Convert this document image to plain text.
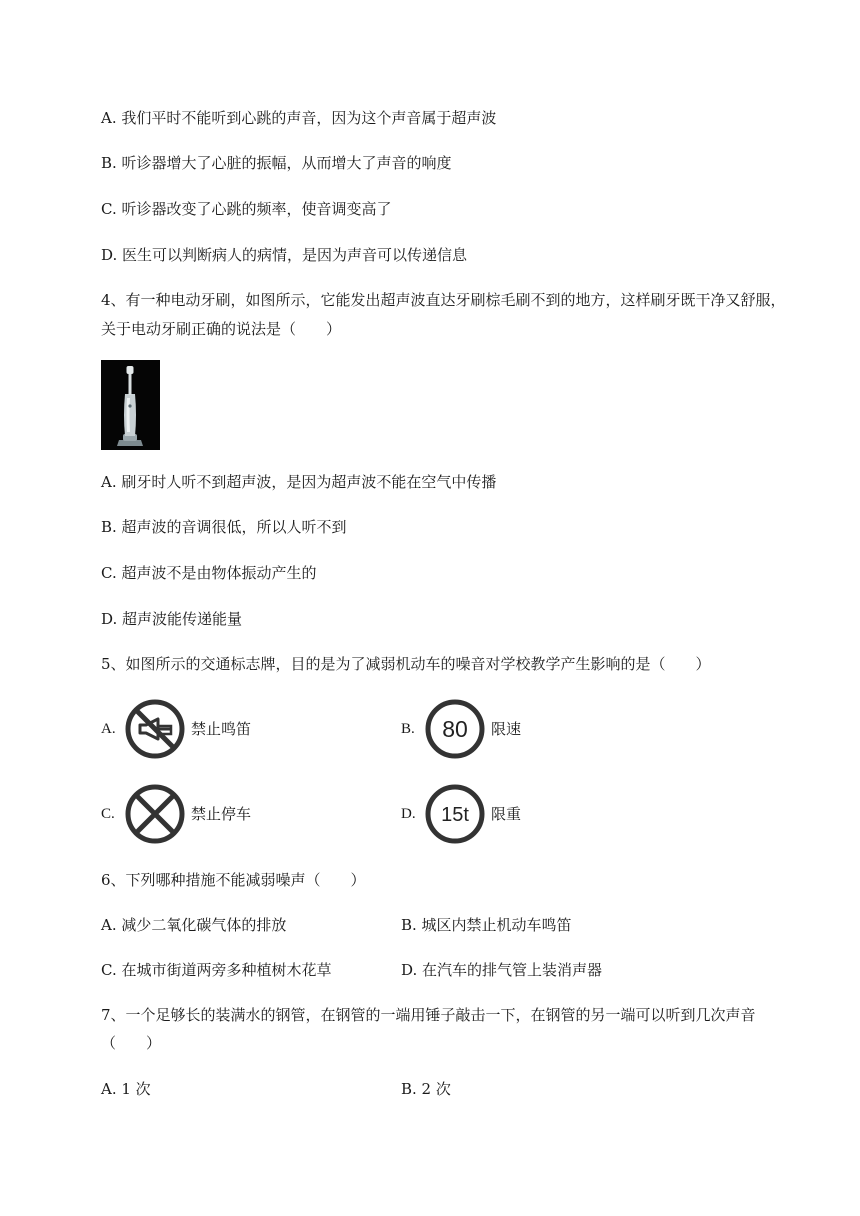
A. 我们平时不能听到心跳的声音，因为这个声音属于超声波
B. 听诊器增大了心脏的振幅，从而增大了声音的响度
C. 听诊器改变了心跳的频率，使音调变高了
D. 医生可以判断病人的病情，是因为声音可以传递信息
4、有一种电动牙刷，如图所示，它能发出超声波直达牙刷棕毛刷不到的地方，这样刷牙既干净又舒服，
关于电动牙刷正确的说法是（　　）
A. 刷牙时人听不到超声波，是因为超声波不能在空气中传播
B. 超声波的音调很低，所以人听不到
C. 超声波不是由物体振动产生的
D. 超声波能传递能量
5、如图所示的交通标志牌，目的是为了减弱机动车的噪音对学校教学产生影响的是（　　）
A.	禁止鸣笛	B. 80 限速
C.	禁止停车	D. 15t 限重
6、下列哪种措施不能减弱噪声（　　）
A. 减少二氧化碳气体的排放	B. 城区内禁止机动车鸣笛
C. 在城市街道两旁多种植树木花草	D. 在汽车的排气管上装消声器
7、一个足够长的装满水的钢管，在钢管的一端用锤子敲击一下，在钢管的另一端可以听到几次声音
（　　）
A. 1 次	B. 2 次
